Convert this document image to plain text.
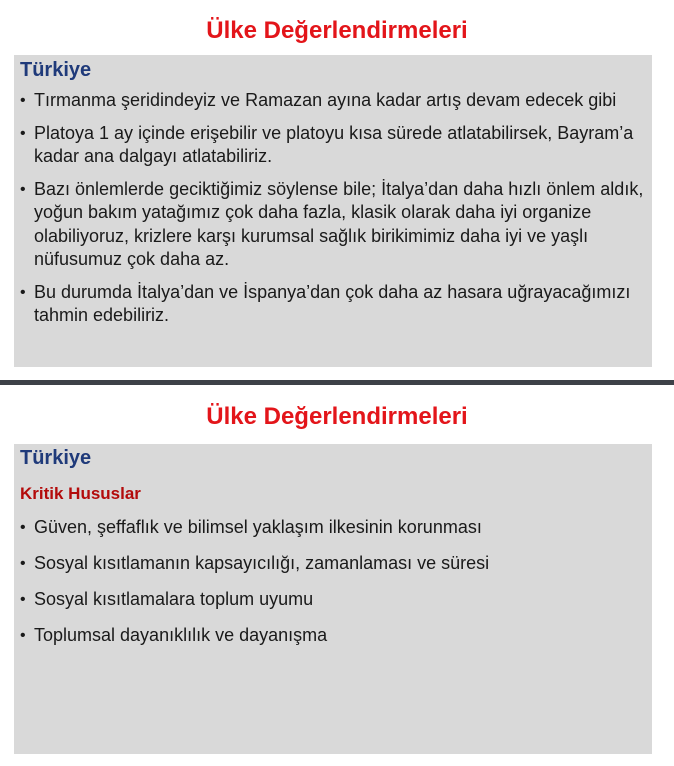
Ülke Değerlendirmeleri
Türkiye
• Tırmanma şeridindeyiz ve Ramazan ayına kadar artış devam edecek gibi
• Platoya 1 ay içinde erişebilir ve platoyu kısa sürede atlatabilirsek, Bayram’a kadar ana dalgayı atlatabiliriz.
• Bazı önlemlerde geciktiğimiz söylense bile; İtalya’dan daha hızlı önlem aldık, yoğun bakım yatağımız çok daha fazla, klasik olarak daha iyi organize olabiliyoruz, krizlere karşı kurumsal sağlık birikimimiz daha iyi ve yaşlı nüfusumuz çok daha az.
• Bu durumda İtalya’dan ve İspanya’dan çok daha az hasara uğrayacağımızı tahmin edebiliriz.
Ülke Değerlendirmeleri
Türkiye
Kritik Hususlar
• Güven, şeffaflık ve bilimsel yaklaşım ilkesinin korunması
• Sosyal kısıtlamanın kapsayıcılığı, zamanlaması ve süresi
• Sosyal kısıtlamalara toplum uyumu
• Toplumsal dayanıklılık ve dayanışma
